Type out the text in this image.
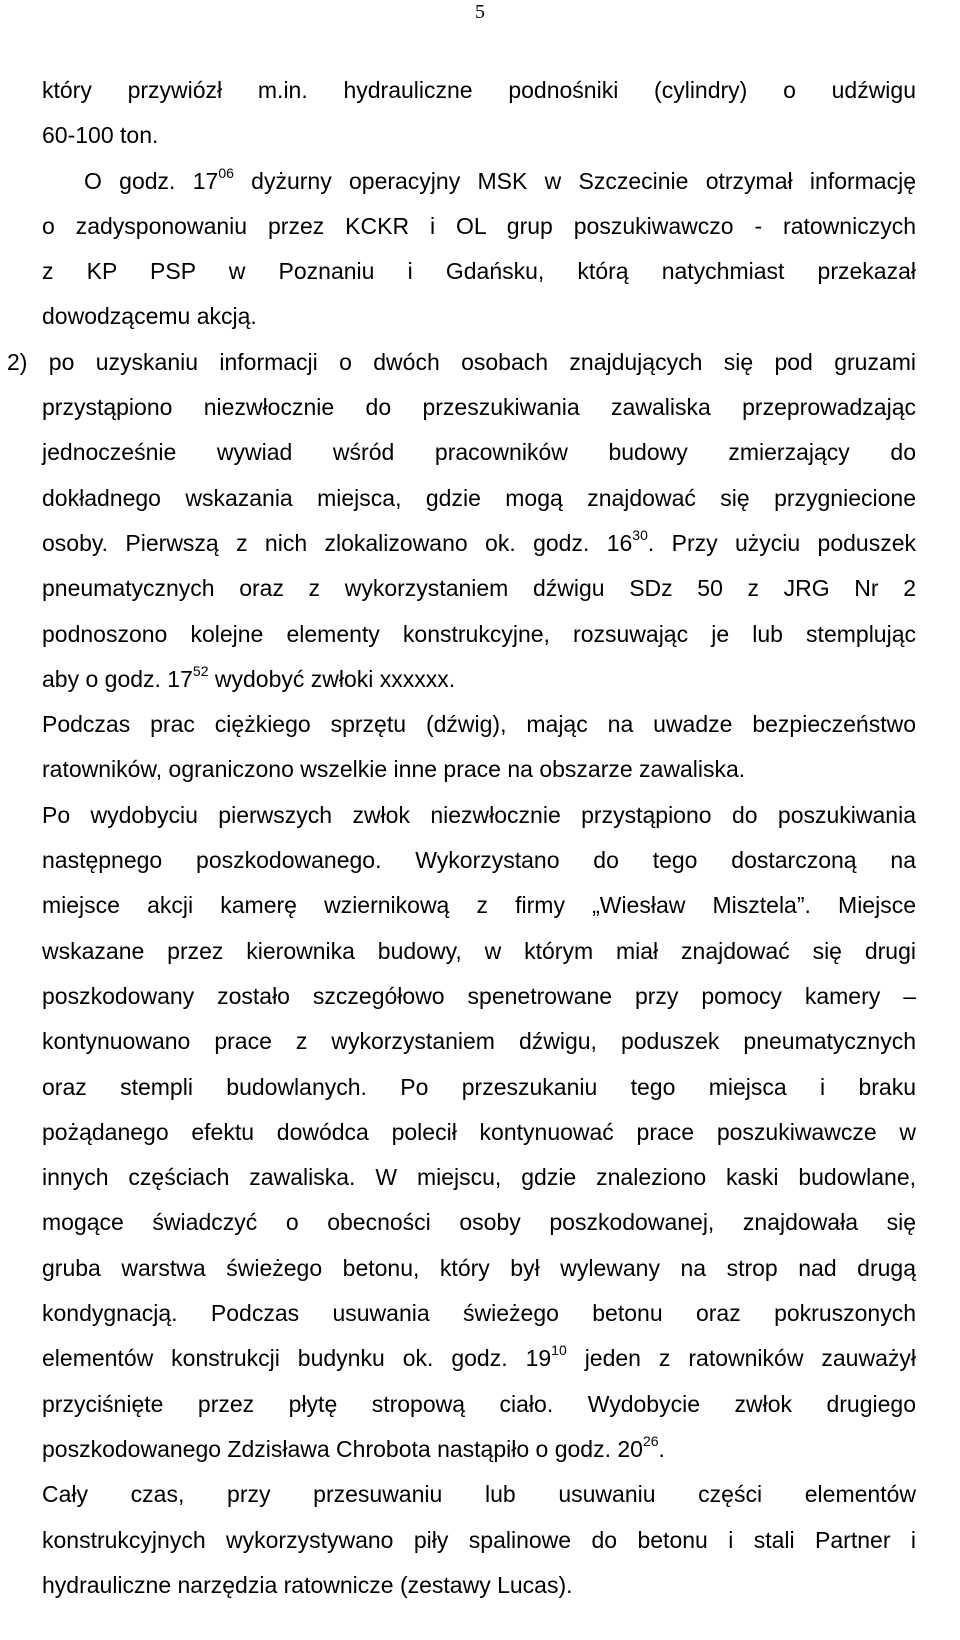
5
który przywiózł m.in. hydrauliczne podnośniki (cylindry) o udźwigu
60-100 ton.
O godz. $17^{06}$ dyżurny operacyjny MSK w Szczecinie otrzymał informację
o zadysponowaniu przez KCKR i OL grup poszukiwawczo - ratowniczych
z KP PSP w Poznaniu i Gdańsku, którą natychmiast przekazał
dowodzącemu akcją.
2) po uzyskaniu informacji o dwóch osobach znajdujących się pod gruzami
przystąpiono niezwłocznie do przeszukiwania zawaliska przeprowadzając
jednocześnie wywiad wśród pracowników budowy zmierzający do
dokładnego wskazania miejsca, gdzie mogą znajdować się przygniecione
osoby. Pierwszą z nich zlokalizowano ok. godz. $16^{30}$. Przy użyciu poduszek
pneumatycznych oraz z wykorzystaniem dźwigu SDz 50 z JRG Nr 2
podnoszono kolejne elementy konstrukcyjne, rozsuwając je lub stemplując
aby o godz. $17^{52}$ wydobyć zwłoki xxxxxx.
Podczas prac ciężkiego sprzętu (dźwig), mając na uwadze bezpieczeństwo
ratowników, ograniczono wszelkie inne prace na obszarze zawaliska.
Po wydobyciu pierwszych zwłok niezwłocznie przystąpiono do poszukiwania
następnego poszkodowanego. Wykorzystano do tego dostarczoną na
miejsce akcji kamerę wziernikową z firmy „Wiesław Misztela”. Miejsce
wskazane przez kierownika budowy, w którym miał znajdować się drugi
poszkodowany zostało szczegółowo spenetrowane przy pomocy kamery –
kontynuowano prace z wykorzystaniem dźwigu, poduszek pneumatycznych
oraz stempli budowlanych. Po przeszukaniu tego miejsca i braku
pożądanego efektu dowódca polecił kontynuować prace poszukiwawcze w
innych częściach zawaliska. W miejscu, gdzie znaleziono kaski budowlane,
mogące świadczyć o obecności osoby poszkodowanej, znajdowała się
gruba warstwa świeżego betonu, który był wylewany na strop nad drugą
kondygnacją. Podczas usuwania świeżego betonu oraz pokruszonych
elementów konstrukcji budynku ok. godz. $19^{10}$ jeden z ratowników zauważył
przyciśnięte przez płytę stropową ciało. Wydobycie zwłok drugiego
poszkodowanego Zdzisława Chrobota nastąpiło o godz. $20^{26}$.
Cały czas, przy przesuwaniu lub usuwaniu części elementów
konstrukcyjnych wykorzystywano piły spalinowe do betonu i stali Partner i
hydrauliczne narzędzia ratownicze (zestawy Lucas).
